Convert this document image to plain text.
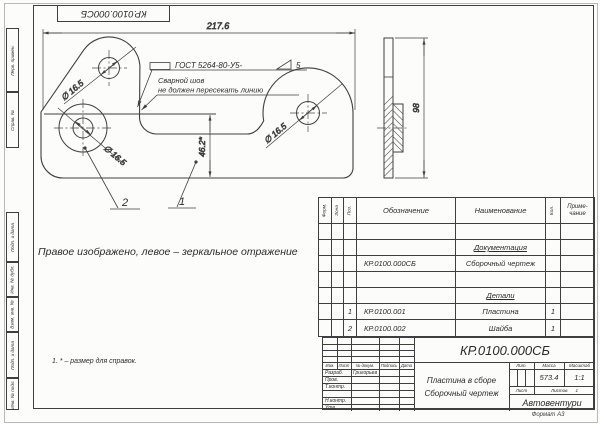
Перв. примен.
Справ. №
Подп. и дата
Инв. № дубл.
Взам. инв. №
Подп. и дата
Инв. № подл.
КР.0100.000СБ
217.6
46.2*
∅ 16.5
∅ 16.5
∅ 16.5
ГОСТ 5264-80-У5-	5
Сварной шов
не должен пересекать линию
2	1
98
Правое изображено, левое – зеркальное отражение
1. * – размер для справок.
Форм. Зона Поз.	Обозначение	Наименование	Кол. Приме-
чание
Документация
КР.0100.000СБ	Сборочный чертеж
Детали
1	КР.0100.001	Пластина	1
2	КР.0100.002	Шайба	1
Изм. Лист	№ докум.	Подпись Дата
Разраб. Григорьев
Пров.
Т.контр.
Н.контр.
Утв.
КР.0100.000СБ
Пластина в сборе
Сборочный чертеж
Лит.	Масса	Масштаб
573.4	1:1
Лист	Листов 1
Автовентури
Формат А3
